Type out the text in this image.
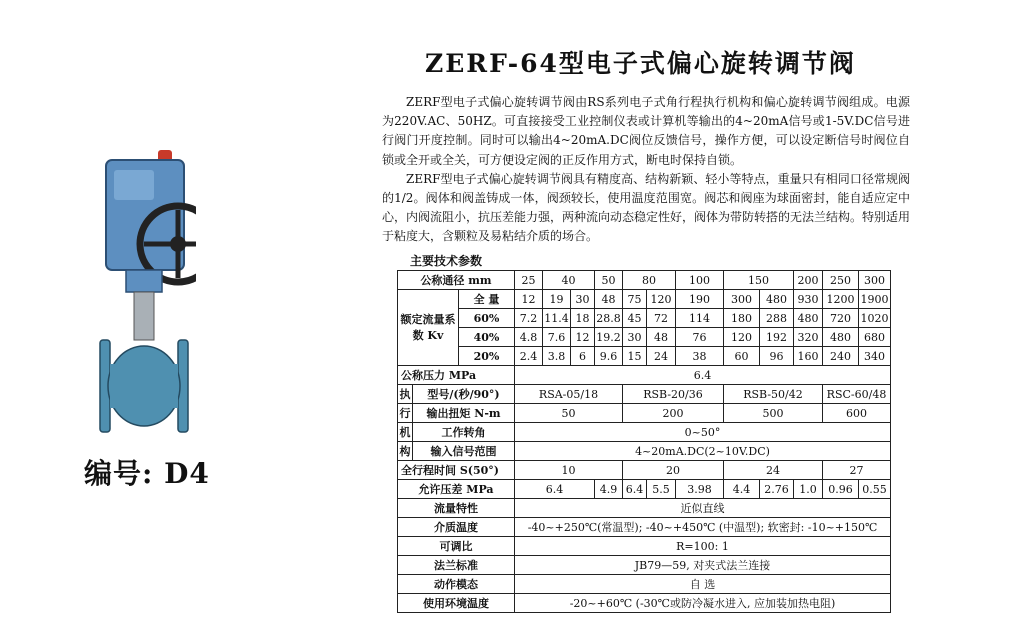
ZERF-64型电子式偏心旋转调节阀

ZERF型电子式偏心旋转调节阀由RS系列电子式角行程执行机构和偏心旋转调节阀组成。电源为220V.AC、50HZ。可直接接受工业控制仪表或计算机等输出的4~20mA信号或1-5V.DC信号进行阀门开度控制。同时可以输出4~20mA.DC阀位反馈信号，操作方便，可以设定断信号时阀位自锁或全开或全关，可方便设定阀的正反作用方式，断电时保持自锁。

ZERF型电子式偏心旋转调节阀具有精度高、结构新颖、轻小等特点，重量只有相同口径常规阀的1/2。阀体和阀盖铸成一体，阀颈较长，使用温度范围宽。阀芯和阀座为球面密封，能自适应定中心，内阀流阻小，抗压差能力强，两种流向动态稳定性好，阀体为带防转搭的无法兰结构。特别适用于粘度大，含颗粒及易粘结介质的场合。

主要技术参数
公称通径 mm			25	40		50	80		100	150		200	250	300
额定流量系数 Kv		全 量	12	19	30	48	75	120	190	300	480	930	1200	1900
		60%	7.2	11.4	18	28.8	45	72	114	180	288	480	720	1020
		40%	4.8	7.6	12	19.2	30	48	76	120	192	320	480	680
		20%	2.4	3.8	6	9.6	15	24	38	60	96	160	240	340
公称压力 MPa			6.4											
执	型号/(秒/90°)		RSA-05/18				RSB-20/36			RSB-50/42			RSC-60/48	
行	输出扭矩 N-m		50				200			500			600	
机	工作转角		0~50°											
构	输入信号范围		4~20mA.DC(2~10V.DC)											
全行程时间 S(50°)			10				20			24			27	
允许压差 MPa			6.4			4.9	6.4	5.5	3.98	4.4	2.76	1.0	0.96	0.55
流量特性			近似直线											
介质温度			-40~+250℃(常温型); -40~+450℃ (中温型); 软密封: -10~+150℃											
可调比			R=100: 1											
法兰标准			JB79—59, 对夹式法兰连接											
动作模态			自 选											
使用环境温度			-20~+60℃ (-30℃或防冷凝水进入, 应加装加热电阻)											
编号: D4
